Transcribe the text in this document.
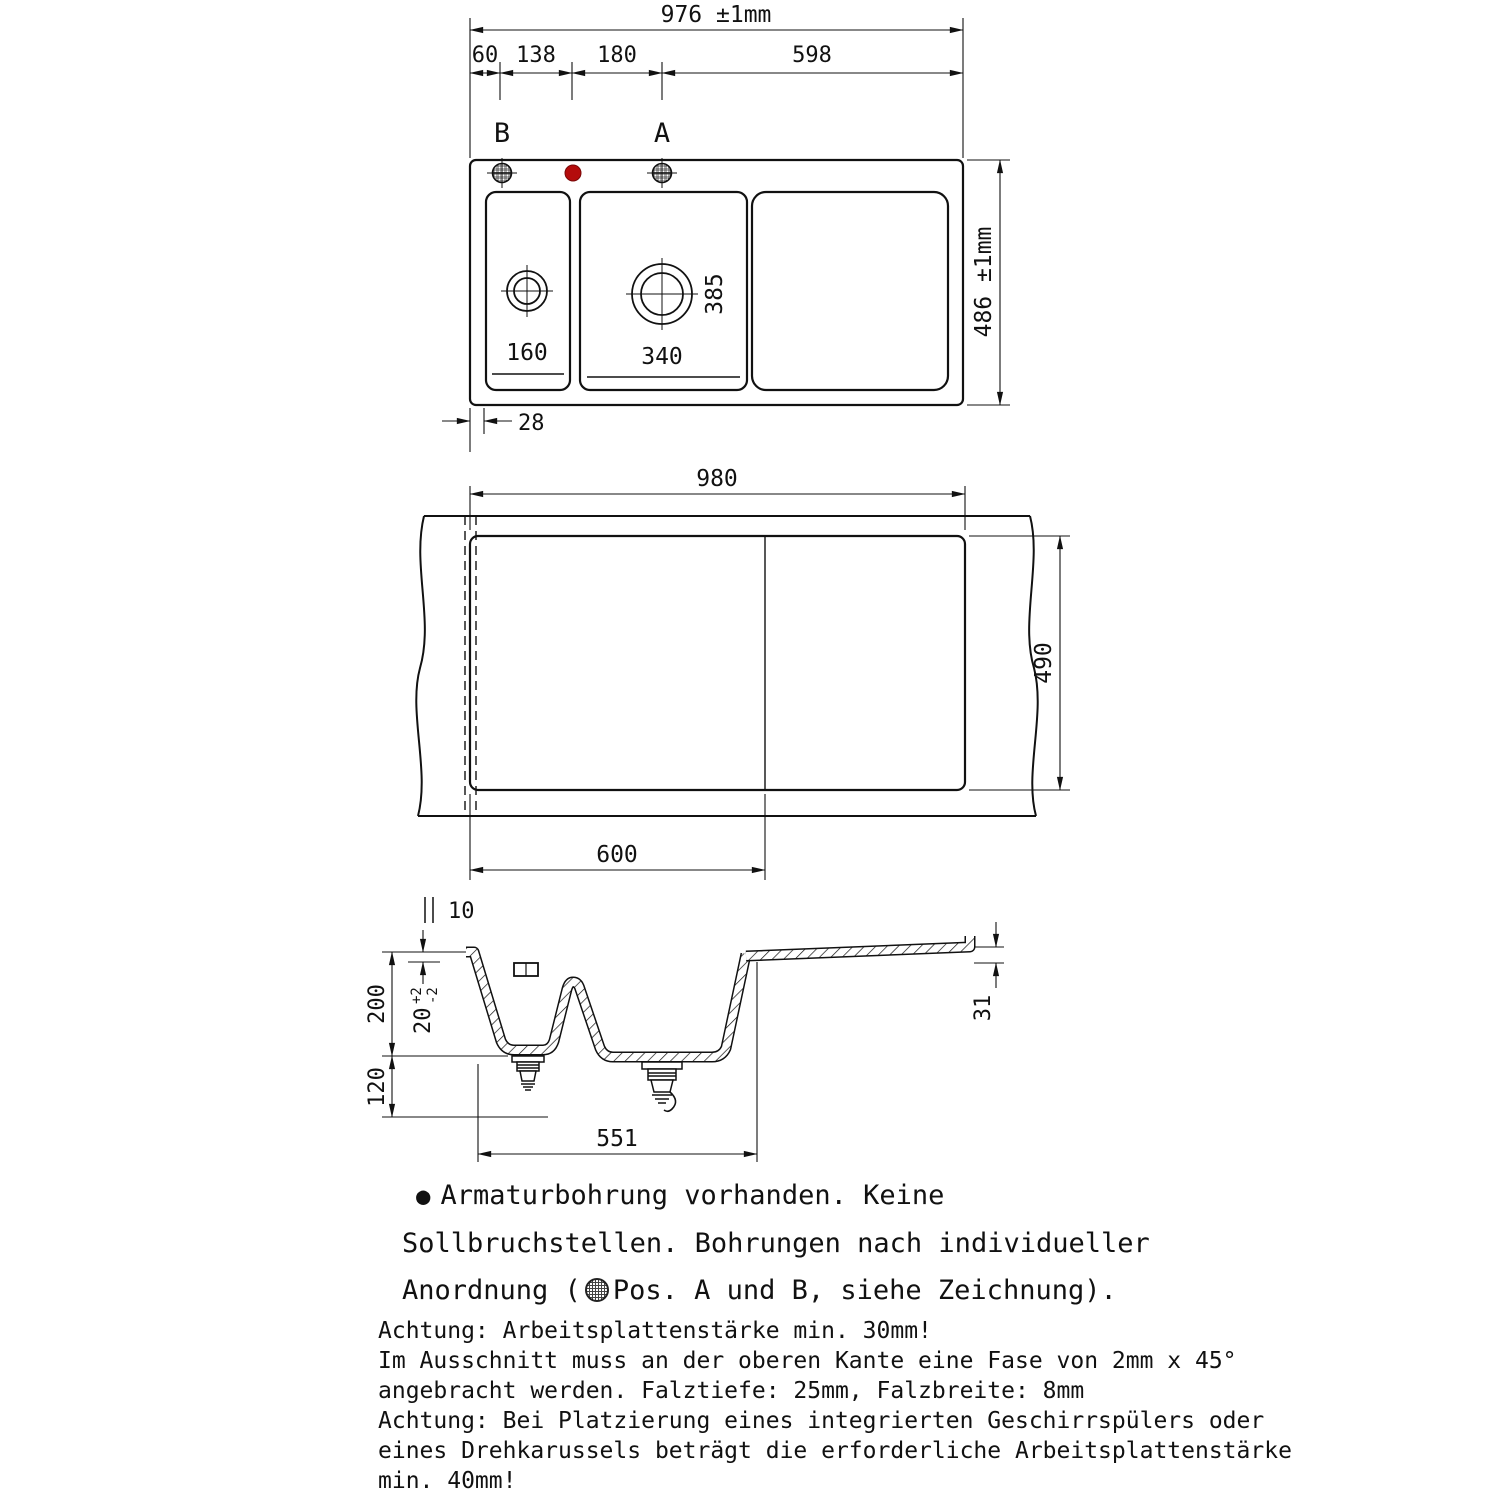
976 ±1mm
60 138 180	598
B	A
385
160	340
486 ±1mm
28
980
490
600
10
200 20
+2 -2
120
31
551
● Armaturbohrung vorhanden. Keine
Sollbruchstellen. Bohrungen nach individueller
Anordnung ( Pos. A und B, siehe Zeichnung).
Achtung: Arbeitsplattenstärke min. 30mm!
Im Ausschnitt muss an der oberen Kante eine Fase von 2mm x 45°
angebracht werden. Falztiefe: 25mm, Falzbreite: 8mm
Achtung: Bei Platzierung eines integrierten Geschirrspülers oder
eines Drehkarussels beträgt die erforderliche Arbeitsplattenstärke
min. 40mm!
